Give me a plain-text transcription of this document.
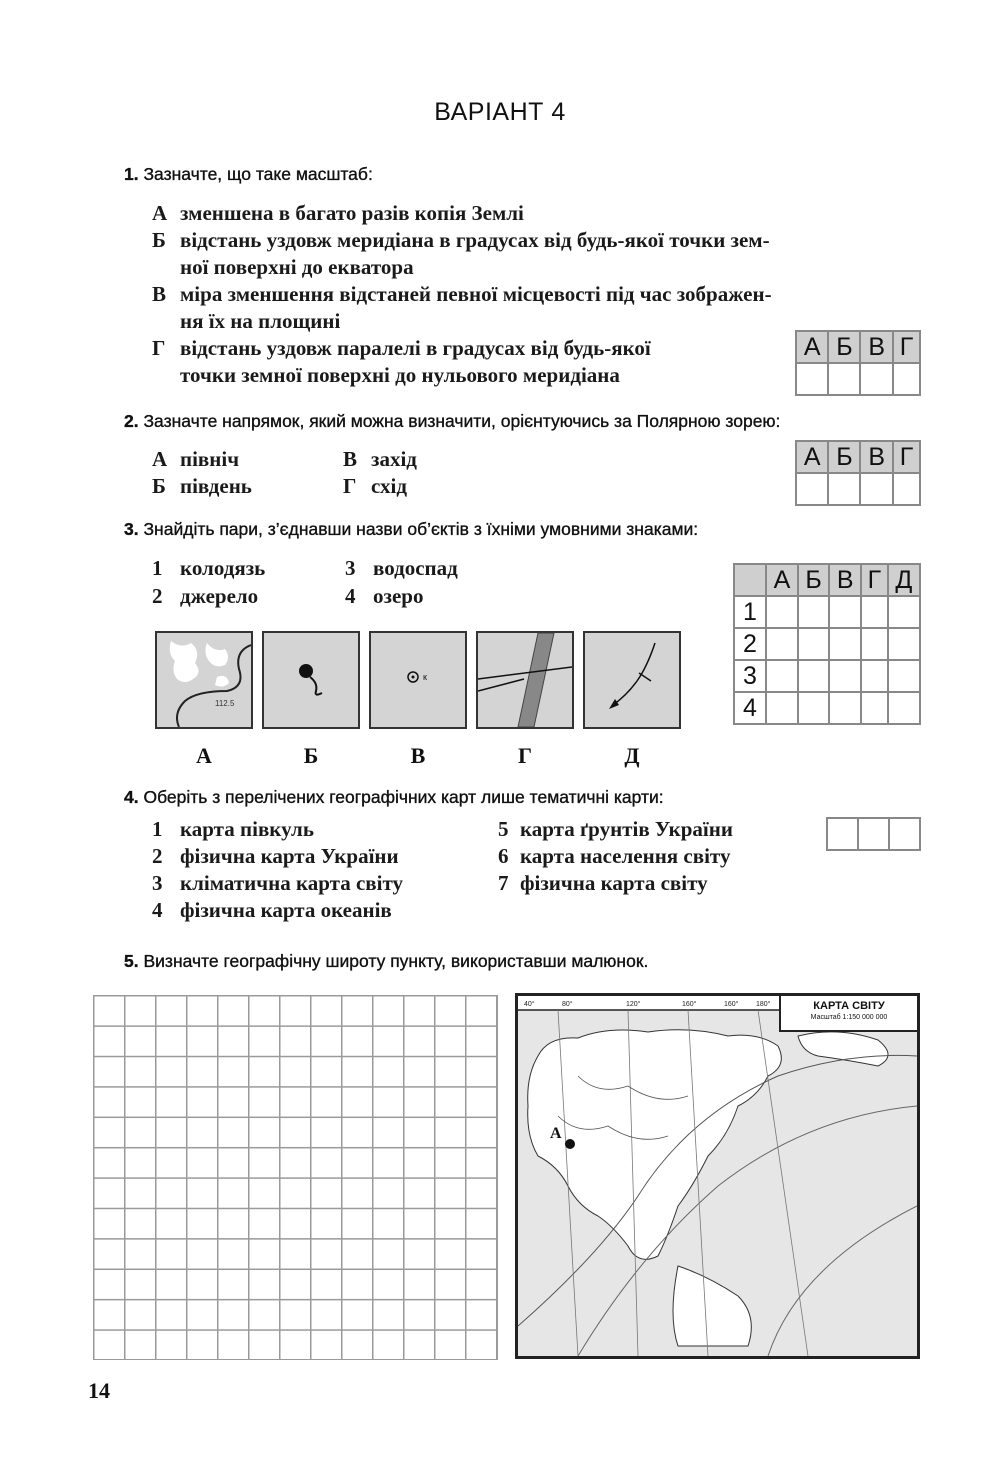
ВАРІАНТ 4
1. Зазначте, що таке масштаб:
А зменшена в багато разів копія Землі
Б відстань уздовж меридіана в градусах від будь-якої точки зем-
ної поверхні до екватора
В міра зменшення відстаней певної місцевості під час зображен-
ня їх на площині
Г відстань уздовж паралелі в градусах від будь-якої
точки земної поверхні до нульового меридіана
А	Б	В	Г

2. Зазначте напрямок, який можна визначити, орієнтуючись за Полярною зорею:
А північ	В захід
Б південь	Г схід
А	Б	В	Г

3. Знайдіть пари, з’єднавши назви об’єктів з їхніми умовними знаками:
1 колодязь	3 водоспад
2 джерело	4 озеро
112.5
к
А	Б	В	Г	Д
	А	Б	В	Г	Д
1					
2					
3					
4					
4. Оберіть з перелічених географічних карт лише тематичні карти:
1 карта півкуль
2 фізична карта України
3 кліматична карта світу
4 фізична карта океанів
5 карта ґрунтів України
6 карта населення світу
7 фізична карта світу

5. Визначте географічну широту пункту, використавши малюнок.
40°	80°	120°	160°	160°	180°
А
КАРТА СВІТУ
Масштаб 1:150 000 000
14
